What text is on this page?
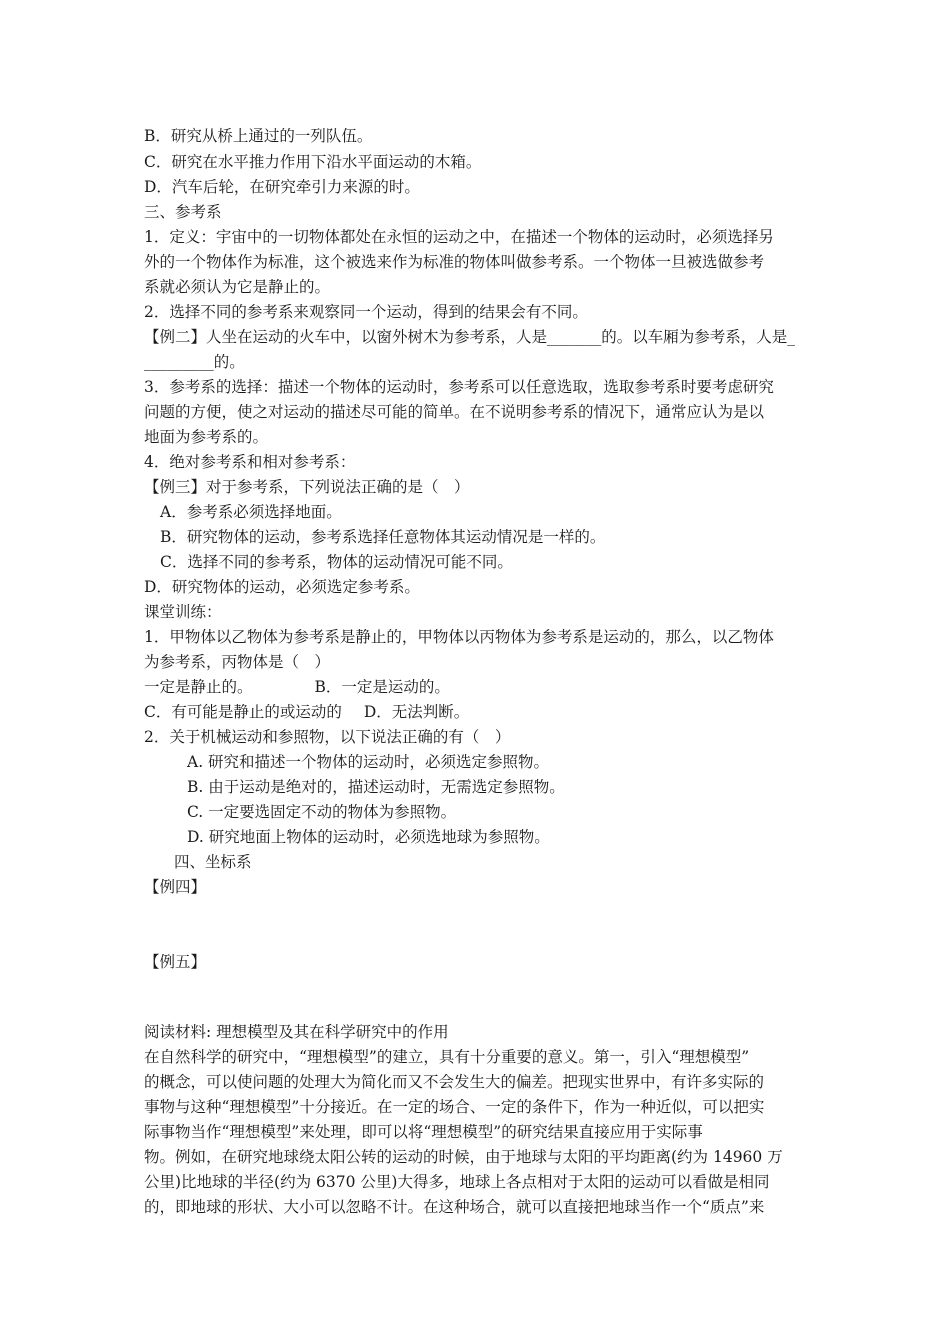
B．研究从桥上通过的一列队伍。
C．研究在水平推力作用下沿水平面运动的木箱。
D．汽车后轮，在研究牵引力来源的时。
三、参考系
1．定义：宇宙中的一切物体都处在永恒的运动之中，在描述一个物体的运动时，必须选择另
外的一个物体作为标准，这个被选来作为标准的物体叫做参考系。一个物体一旦被选做参考
系就必须认为它是静止的。
2．选择不同的参考系来观察同一个运动，得到的结果会有不同。
【例二】人坐在运动的火车中，以窗外树木为参考系，人是_______的。以车厢为参考系，人是_
_________的。
3．参考系的选择：描述一个物体的运动时，参考系可以任意选取，选取参考系时要考虑研究
问题的方便，使之对运动的描述尽可能的简单。在不说明参考系的情况下，通常应认为是以
地面为参考系的。
4．绝对参考系和相对参考系：
【例三】对于参考系，下列说法正确的是（　）
A．参考系必须选择地面。
B．研究物体的运动，参考系选择任意物体其运动情况是一样的。
C．选择不同的参考系，物体的运动情况可能不同。
D．研究物体的运动，必须选定参考系。
课堂训练：
1．甲物体以乙物体为参考系是静止的，甲物体以丙物体为参考系是运动的，那么，以乙物体
为参考系，丙物体是（　）
一定是静止的。	B．一定是运动的。
C．有可能是静止的或运动的 D．无法判断。
2．关于机械运动和参照物，以下说法正确的有（　）
A. 研究和描述一个物体的运动时，必须选定参照物。
B. 由于运动是绝对的，描述运动时，无需选定参照物。
C. 一定要选固定不动的物体为参照物。
D. 研究地面上物体的运动时，必须选地球为参照物。
四、坐标系
【例四】
【例五】
阅读材料: 理想模型及其在科学研究中的作用
在自然科学的研究中，“理想模型”的建立，具有十分重要的意义。第一，引入“理想模型”
的概念，可以使问题的处理大为简化而又不会发生大的偏差。把现实世界中，有许多实际的
事物与这种“理想模型”十分接近。在一定的场合、一定的条件下，作为一种近似，可以把实
际事物当作“理想模型”来处理，即可以将“理想模型”的研究结果直接应用于实际事
物。例如，在研究地球绕太阳公转的运动的时候，由于地球与太阳的平均距离(约为 14960 万
公里)比地球的半径(约为 6370 公里)大得多，地球上各点相对于太阳的运动可以看做是相同
的，即地球的形状、大小可以忽略不计。在这种场合，就可以直接把地球当作一个“质点”来
